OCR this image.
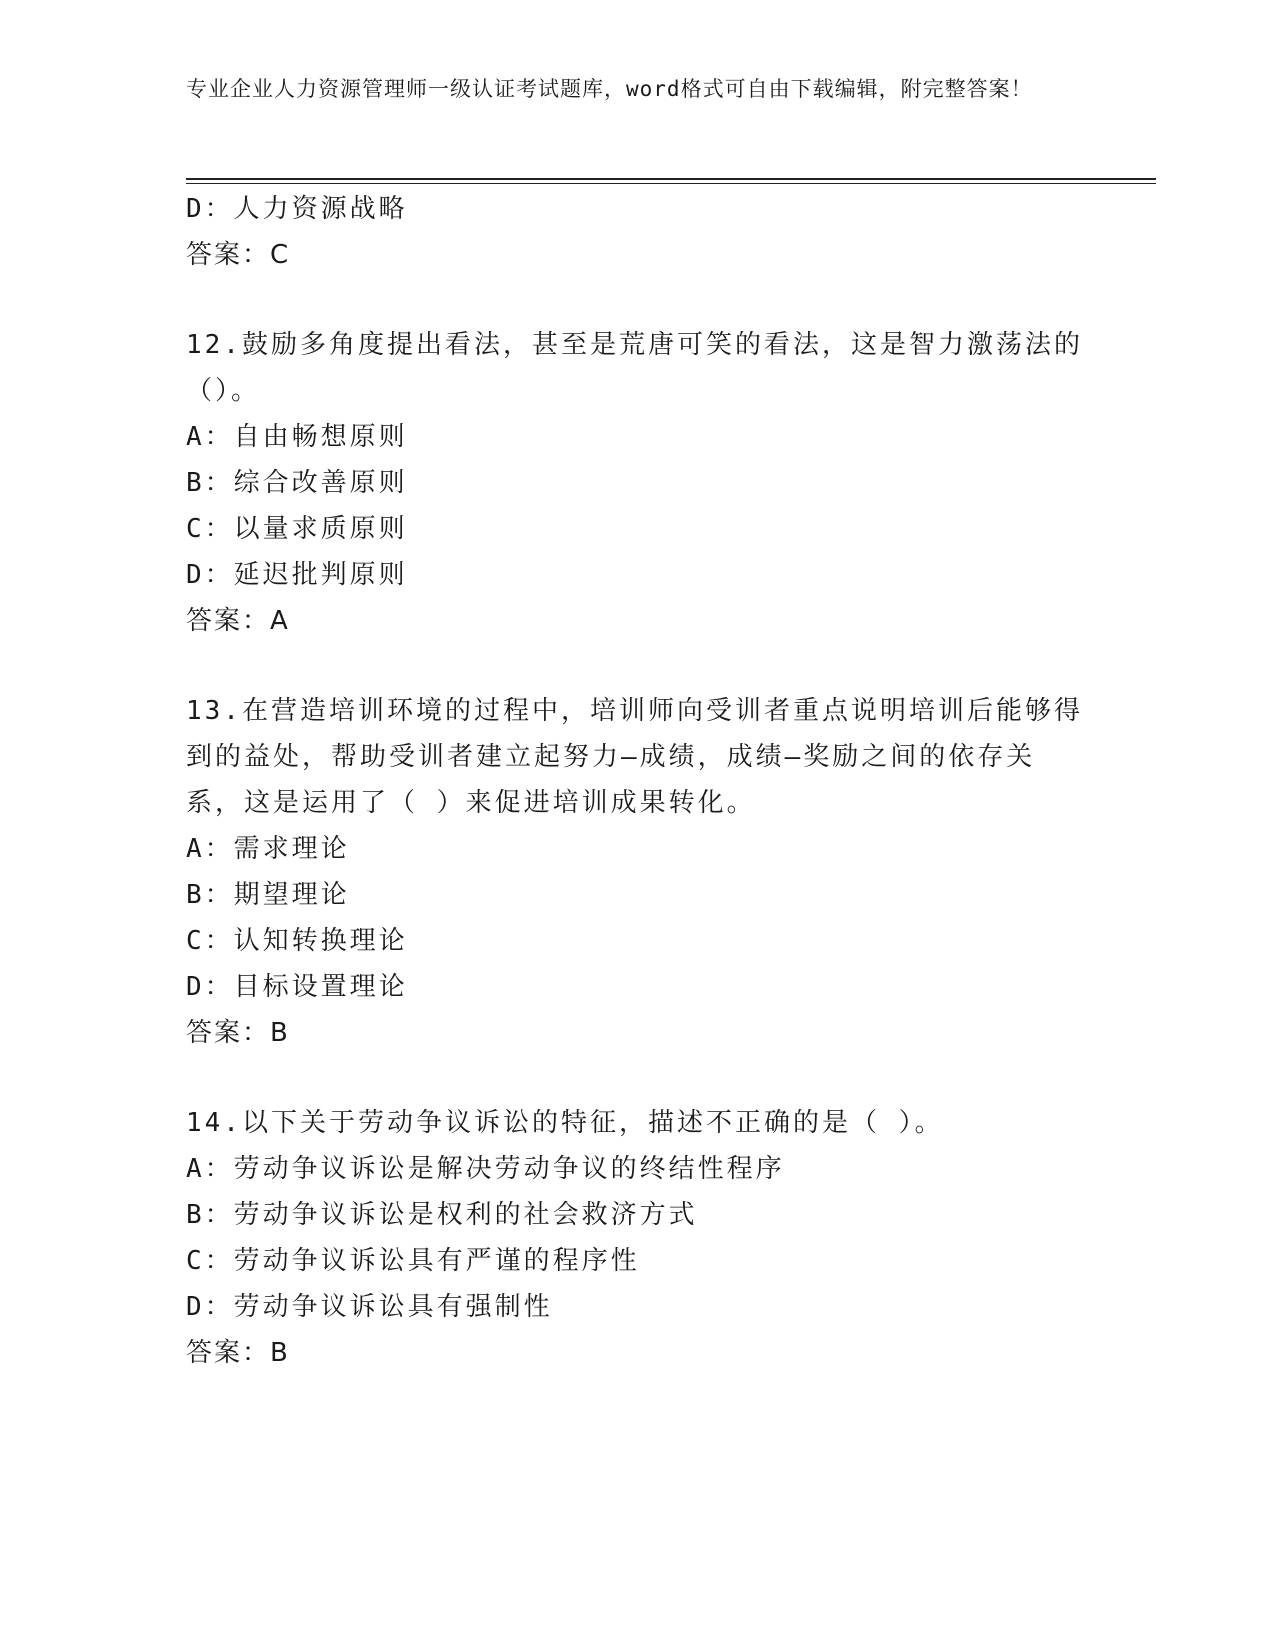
专业企业人力资源管理师一级认证考试题库，word格式可自由下载编辑，附完整答案！
D：人力资源战略
答案：C
12.鼓励多角度提出看法，甚至是荒唐可笑的看法，这是智力激荡法的（）。
A：自由畅想原则
B：综合改善原则
C：以量求质原则
D：延迟批判原则
答案：A
13.在营造培训环境的过程中，培训师向受训者重点说明培训后能够得到的益处，帮助受训者建立起努力—成绩，成绩—奖励之间的依存关系，这是运用了（ ）来促进培训成果转化。
A：需求理论
B：期望理论
C：认知转换理论
D：目标设置理论
答案：B
14.以下关于劳动争议诉讼的特征，描述不正确的是（ ）。
A：劳动争议诉讼是解决劳动争议的终结性程序
B：劳动争议诉讼是权利的社会救济方式
C：劳动争议诉讼具有严谨的程序性
D：劳动争议诉讼具有强制性
答案：B
